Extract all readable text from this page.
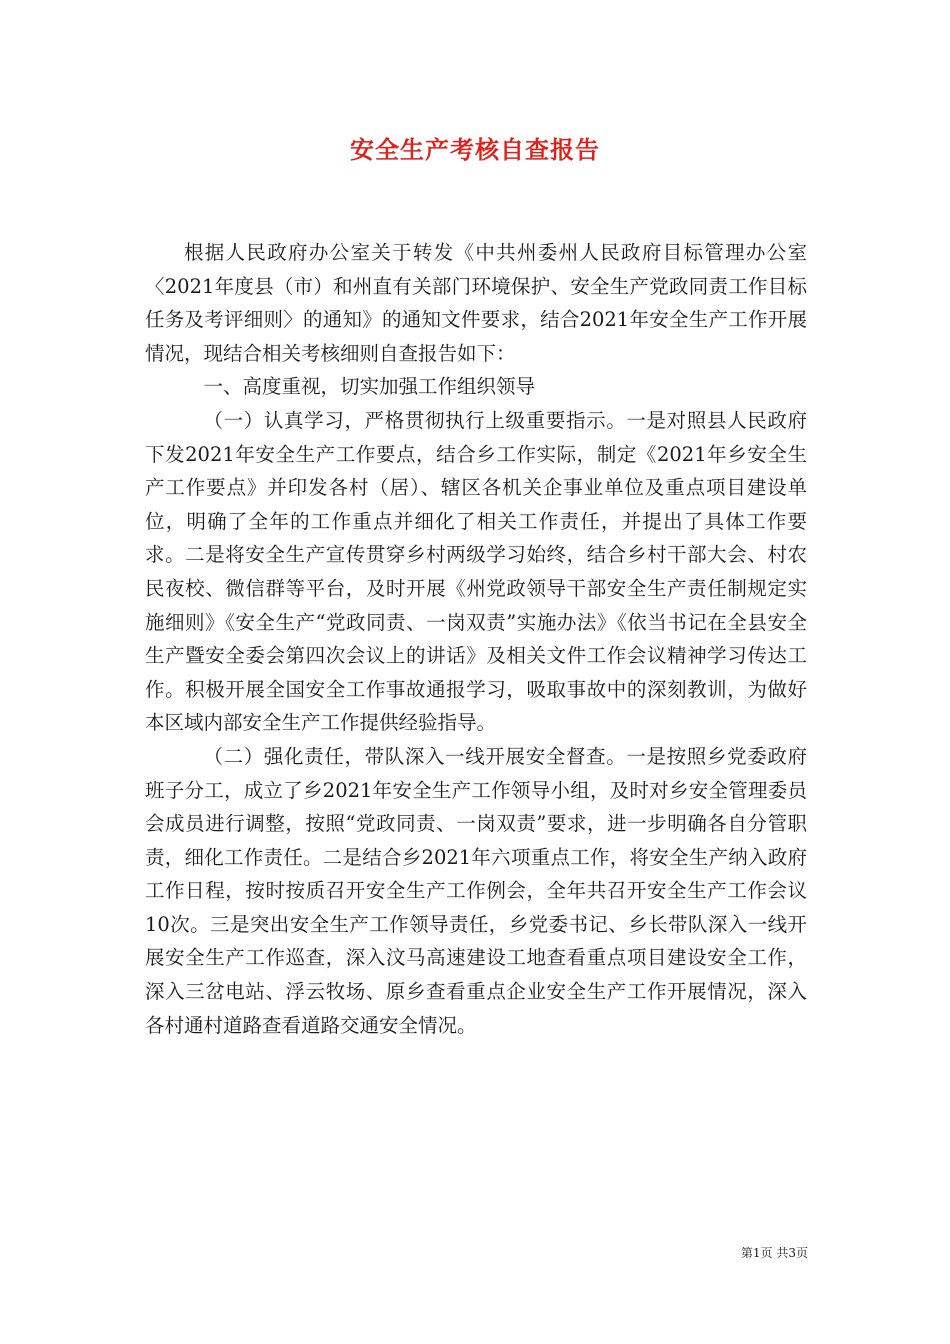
安全生产考核自查报告

根据人民政府办公室关于转发《中共州委州人民政府目标管理办公室〈2021年度县（市）和州直有关部门环境保护、安全生产党政同责工作目标任务及考评细则〉的通知》的通知文件要求，结合2021年安全生产工作开展情况，现结合相关考核细则自查报告如下：

一、高度重视，切实加强工作组织领导

（一）认真学习，严格贯彻执行上级重要指示。一是对照县人民政府下发2021年安全生产工作要点，结合乡工作实际，制定《2021年乡安全生产工作要点》并印发各村（居）、辖区各机关企事业单位及重点项目建设单位，明确了全年的工作重点并细化了相关工作责任，并提出了具体工作要求。二是将安全生产宣传贯穿乡村两级学习始终，结合乡村干部大会、村农民夜校、微信群等平台，及时开展《州党政领导干部安全生产责任制规定实施细则》《安全生产“党政同责、一岗双责”实施办法》《依当书记在全县安全生产暨安全委会第四次会议上的讲话》及相关文件工作会议精神学习传达工作。积极开展全国安全工作事故通报学习，吸取事故中的深刻教训，为做好本区域内部安全生产工作提供经验指导。

（二）强化责任，带队深入一线开展安全督查。一是按照乡党委政府班子分工，成立了乡2021年安全生产工作领导小组，及时对乡安全管理委员会成员进行调整，按照“党政同责、一岗双责”要求，进一步明确各自分管职责，细化工作责任。二是结合乡2021年六项重点工作，将安全生产纳入政府工作日程，按时按质召开安全生产工作例会，全年共召开安全生产工作会议10次。三是突出安全生产工作领导责任，乡党委书记、乡长带队深入一线开展安全生产工作巡查，深入汶马高速建设工地查看重点项目建设安全工作，深入三岔电站、浮云牧场、原乡查看重点企业安全生产工作开展情况，深入各村通村道路查看道路交通安全情况。

第1页 共3页
